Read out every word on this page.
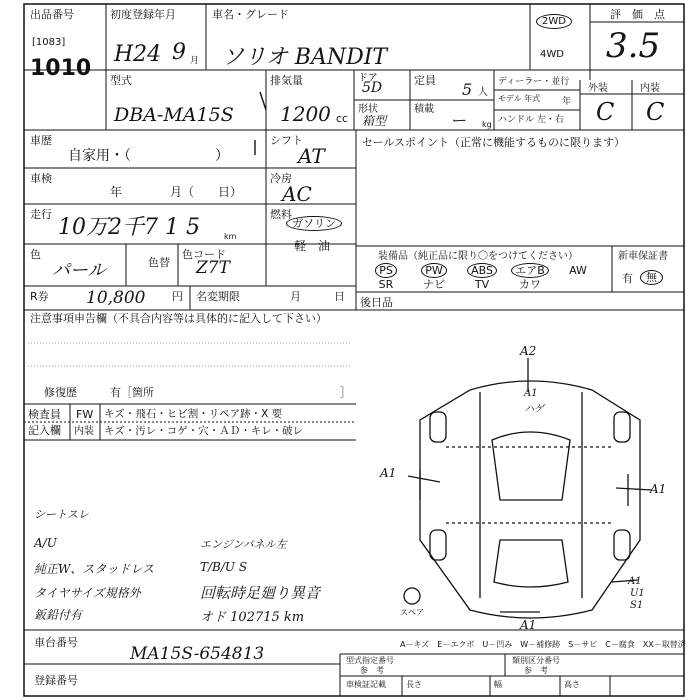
出品番号
[1083]
1010
初度登録年月
H24 9 月
車名・グレード
ソリオ BANDIT
2WD
4WD
評　価　点
3.5
型式
DBA-MA15S
排気量
1200 cc
ドア
5D	定員 5 人
形状
箱型
積載
ー kg
ディーラー・並行
モデル 年式	年
ハンドル 左・右
外装	内装
C C
車歴
自家用・（　　　　　　）
シフト
AT
車検
年　　　　月（　　日）
冷房
AC
走行
10万2千7 1 5	km
燃料
ガソリン
軽　油
色
パール	色替
色コード
Z7T
セールスポイント（正常に機能するものに限ります）
装備品（純正品に限り〇をつけてください）
PS	PW	ABS	エアB	AW
SR	ナビ	TV	カワ
新車保証書
有	無
後日品
R券 10,800 円 名変期限	月	日
注意事項申告欄（不具合内容等は具体的に記入して下さい）
修復歴	有［箇所	］
検査員
記入欄
FW キズ・飛石・ヒビ割・リペア跡・X 要
内装 キズ・汚レ・コゲ・穴・ＡＤ・キレ・破レ
シートスレ
A/U
純正W、スタッドレス
タイヤサイズ規格外
鈑鉛付有
エンジンパネル左
T/B/U S
回転時足廻り異音
オド 102715 km
A2
A1
ハゲ
A1
A1
A1
U1
S1
A1
スペア
車台番号
MA15S-654813
登録番号
A－キズ　E－エクボ　U－凹み　W－補修跡　S－サビ　C－腐食　XX－取替済
型式指定番号
参　考
類別区分番号
参　考
車検証記載	長さ	幅	高さ
